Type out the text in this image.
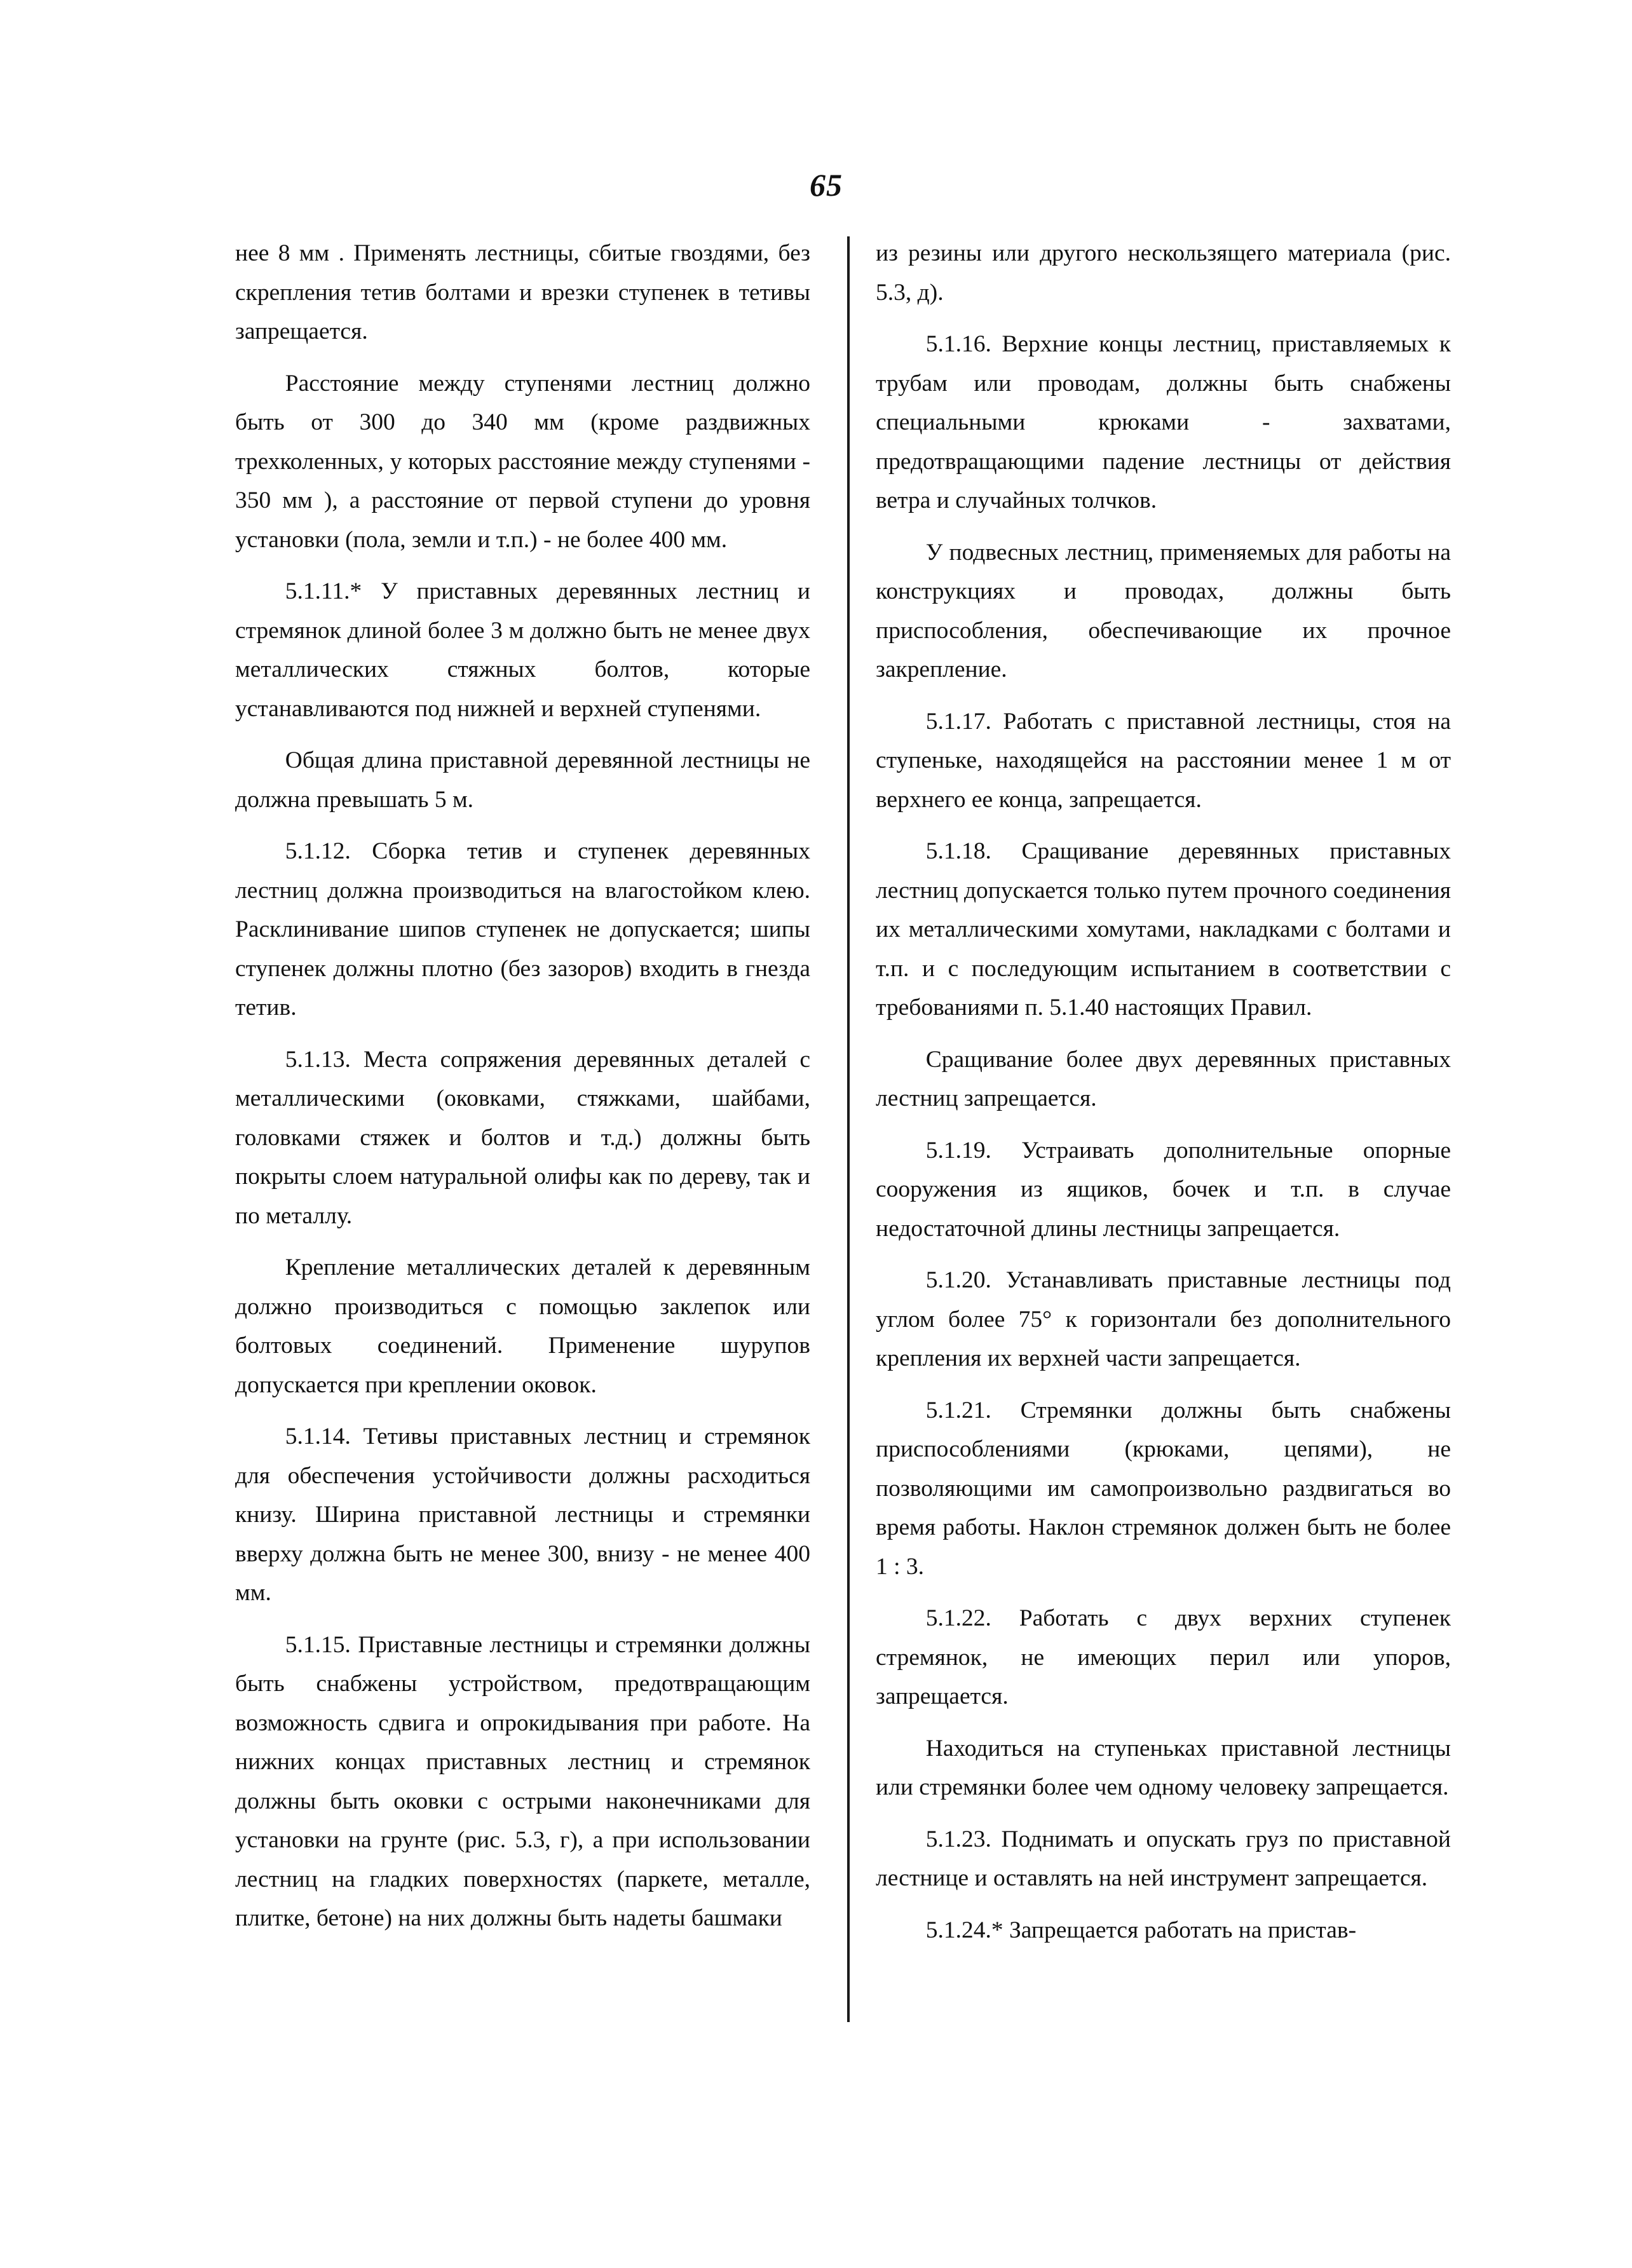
65

нее 8 мм . Применять лестницы, сбитые гвоздями, без скрепления тетив болтами и врезки ступенек в тетивы запрещается.

Расстояние между ступенями лестниц должно быть от 300 до 340 мм (кроме раздвижных трехколенных, у которых расстояние между ступенями - 350 мм ), а расстояние от первой ступени до уровня установки (пола, земли и т.п.) - не более 400 мм.

5.1.11.* У приставных деревянных лестниц и стремянок длиной более 3 м должно быть не менее двух металлических стяжных болтов, которые устанавливаются под нижней и верхней ступенями.

Общая длина приставной деревянной лестницы не должна превышать 5 м.

5.1.12. Сборка тетив и ступенек деревянных лестниц должна производиться на влагостойком клею. Расклинивание шипов ступенек не допускается; шипы ступенек должны плотно (без зазоров) входить в гнезда тетив.

5.1.13. Места сопряжения деревянных деталей с металлическими (оковками, стяжками, шайбами, головками стяжек и болтов и т.д.) должны быть покрыты слоем натуральной олифы как по дереву, так и по металлу.

Крепление металлических деталей к деревянным должно производиться с помощью заклепок или болтовых соединений. Применение шурупов допускается при креплении оковок.

5.1.14. Тетивы приставных лестниц и стремянок для обеспечения устойчивости должны расходиться книзу. Ширина приставной лестницы и стремянки вверху должна быть не менее 300, внизу - не менее 400 мм.

5.1.15. Приставные лестницы и стремянки должны быть снабжены устройством, предотвращающим возможность сдвига и опрокидывания при работе. На нижних концах приставных лестниц и стремянок должны быть оковки с острыми наконечниками для установки на грунте (рис. 5.3, г), а при использовании лестниц на гладких поверхностях (паркете, металле, плитке, бетоне) на них должны быть надеты башмаки

из резины или другого нескользящего материала (рис. 5.3, д).

5.1.16. Верхние концы лестниц, приставляемых к трубам или проводам, должны быть снабжены специальными крюками - захватами, предотвращающими падение лестницы от действия ветра и случайных толчков.

У подвесных лестниц, применяемых для работы на конструкциях и проводах, должны быть приспособления, обеспечивающие их прочное закрепление.

5.1.17. Работать с приставной лестницы, стоя на ступеньке, находящейся на расстоянии менее 1 м от верхнего ее конца, запрещается.

5.1.18. Сращивание деревянных приставных лестниц допускается только путем прочного соединения их металлическими хомутами, накладками с болтами и т.п. и с последующим испытанием в соответствии с требованиями п. 5.1.40 настоящих Правил.

Сращивание более двух деревянных приставных лестниц запрещается.

5.1.19. Устраивать дополнительные опорные сооружения из ящиков, бочек и т.п. в случае недостаточной длины лестницы запрещается.

5.1.20. Устанавливать приставные лестницы под углом более 75° к горизонтали без дополнительного крепления их верхней части запрещается.

5.1.21. Стремянки должны быть снабжены приспособлениями (крюками, цепями), не позволяющими им самопроизвольно раздвигаться во время работы. Наклон стремянок должен быть не более 1 : 3.

5.1.22. Работать с двух верхних ступенек стремянок, не имеющих перил или упоров, запрещается.

Находиться на ступеньках приставной лестницы или стремянки более чем одному человеку запрещается.

5.1.23. Поднимать и опускать груз по приставной лестнице и оставлять на ней инструмент запрещается.

5.1.24.* Запрещается работать на пристав-
